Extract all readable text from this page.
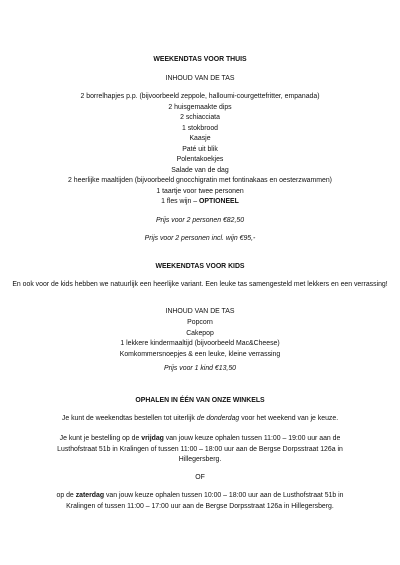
WEEKENDTAS VOOR THUIS
INHOUD VAN DE TAS
2 borrelhapjes p.p. (bijvoorbeeld zeppole, halloumi-courgettefritter, empanada)
2 huisgemaakte dips
2 schiacciata
1 stokbrood
Kaasje
Paté uit blik
Polentakoekjes
Salade van de dag
2 heerlijke maaltijden (bijvoorbeeld gnocchigratin met fontinakaas en oesterzwammen)
1 taartje voor twee personen
1 fles wijn – OPTIONEEL
Prijs voor 2 personen €82,50
Prijs voor 2 personen incl. wijn €95,-
WEEKENDTAS VOOR KIDS
En ook voor de kids hebben we natuurlijk een heerlijke variant. Een leuke tas samengesteld met lekkers en een verrassing!
INHOUD VAN DE TAS
Popcorn
Cakepop
1 lekkere kindermaaltijd (bijvoorbeeld Mac&Cheese)
Komkommersnoepjes & een leuke, kleine verrassing
Prijs voor 1 kind €13,50
OPHALEN IN ÉÉN VAN ONZE WINKELS
Je kunt de weekendtas bestellen tot uiterlijk de donderdag voor het weekend van je keuze.
Je kunt je bestelling op de vrijdag van jouw keuze ophalen tussen 11:00 – 19:00 uur aan de
Lusthofstraat 51b in Kralingen of tussen 11:00 – 18:00 uur aan de Bergse Dorpsstraat 126a in
Hillegersberg.
OF
op de zaterdag van jouw keuze ophalen tussen 10:00 – 18:00 uur aan de Lusthofstraat 51b in
Kralingen of tussen 11:00 – 17:00 uur aan de Bergse Dorpsstraat 126a in Hillegersberg.
